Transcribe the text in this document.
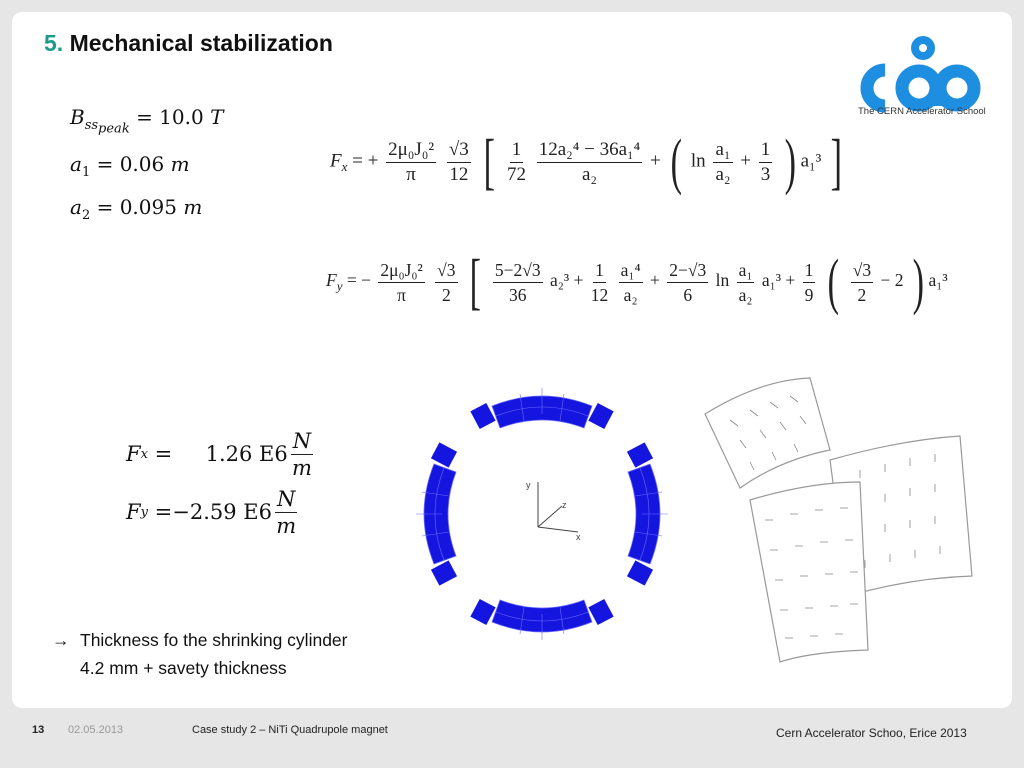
5. Mechanical stabilization
The CERN Accelerator School
$B_{ss_{peak}} = 10.0$ T
$a_1 = 0.06$ m
$a_2 = 0.095$ m
$F_x$ = + $\frac{\text{2μ₀J₀²}}{\pi}$
$\frac{√3}{12}$ [ $\frac{1}{72}$
$\frac{\text{12a₂⁴ − 36a₁⁴}}{\text{a₂}}$ + ( $\ln \frac{\text{a₁}}{\text{a₂}} + \frac{1}{3}$ ) a₁³ ]
$F_y$ = − $\frac{\text{2μ₀J₀²}}{\pi}$
$\frac{√3}{2}$ [ $\frac{5-2√3}{36} a_2^3 + \frac{1}{12}$
$\frac{\text{a₁⁴}}{\text{a₂}} + \frac{2-√3}{6}$ $\ln \frac{\text{a₁}}{\text{a₂}} a_1^3 + \frac{1}{9}$ ( $\frac{√3}{2} - 2$ ) a₁³
F x
=
1.26 $E6 \frac{N}{m}$
F y
= −2.59 $E6 \frac{N}{m}$
y
z
x
→ Thickness fo the shrinking cylinder
4.2 mm + savety thickness
13 02.05.2013	Case study 2 – NiTi Quadrupole magnet	Cern Accelerator Schoo, Erice 2013
